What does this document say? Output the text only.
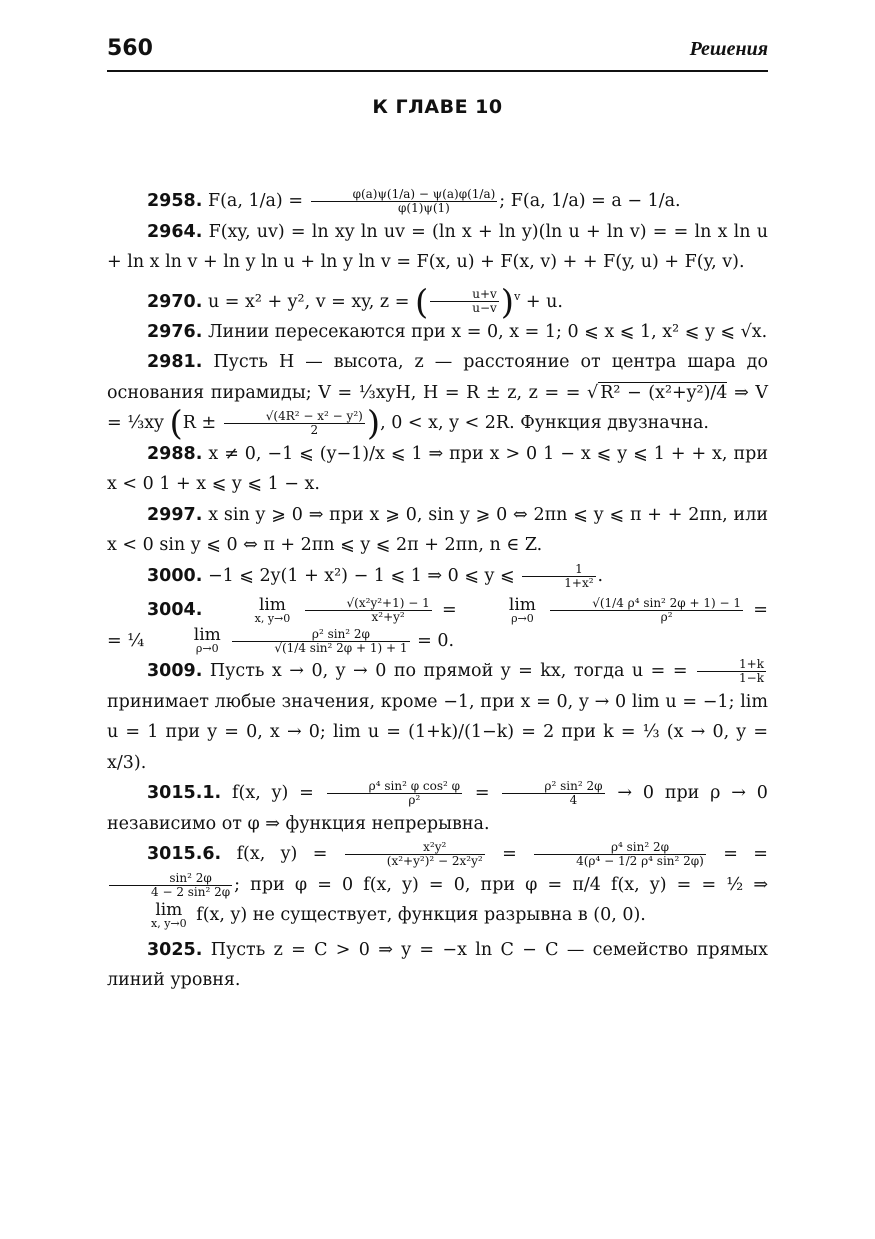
560	Решения
К ГЛАВЕ 10

2958. F(a, $1/a) = \frac{\varphi(a)\psi(1/a) - \psi(a)\varphi(1/a)}{\varphi(1)\psi(1)}$ ; F(a, 1/a) = a − 1/a.

2964. F(xy, uv) = ln xy ln uv = (ln x + ln y)(ln u + ln v) = = ln x ln u + ln x ln v + ln y ln u + ln y ln v = F(x, u) + F(x, v) + + F(y, u) + F(y, v).

2970. u = x² + y², v = xy, z = ( $\frac{u+v}{u-v} )^v + u$.

2976. Линии пересекаются при x = 0, x = 1; 0 ⩽ x ⩽ 1, x² ⩽ y ⩽ √x.

2981. Пусть H — высота, z — расстояние от центра шара до основания пирамиды; V = ⅓xyH, H = R ± z, z = = √ R² − (x²+y²)/4 ⇒ V = ⅓xy ($R \pm \frac{\text{√(4R² − x² − y²)}}{2}$ ), 0 < x, y < 2R. Функция двузначна.

2988. x ≠ 0, −1 ⩽ (y−1)/x ⩽ 1 ⇒ при x > 0 1 − x ⩽ y ⩽ 1 + + x, при x < 0 1 + x ⩽ y ⩽ 1 − x.

2997. x sin y ⩾ 0 ⇒ при x ⩾ 0, sin y ⩾ 0 ⇔ 2πn ⩽ y ⩽ π + + 2πn, или x < 0 sin y ⩽ 0 ⇔ π + 2πn ⩽ y ⩽ 2π + 2πn, n ∈ Z.

3000. −1 ⩽ 2y(1 + x²) − 1 ⩽ 1 ⇒ 0 ⩽ y ⩽ $\frac{1}{\text{1+x²}}$ .

3004.	lim
x, y→0
$\frac{\text{√(x²y²+1) − 1}}{\text{x²+y²}}$ =	lim
ρ→0
$\frac{\text{√(1/4 ρ⁴ sin² 2φ + 1) − 1}}{\text{ρ²}}$ = = ¼	lim
ρ→0
$\frac{\text{ρ² sin² 2φ}}{\text{√(1/4 sin² 2φ + 1) + 1}} = 0$.

3009. Пусть x → 0, y → 0 по прямой y = kx, тогда u = = $\frac{1+k}{1-k}$
принимает любые значения, кроме −1, при x = 0, y → 0 lim u = −1; lim u = 1 при y = 0, x → 0; lim u = (1+k)/(1−k) = 2 при k = ⅓ (x → 0, y = x/3).

3015.1. f(x, $y) = \frac{\text{ρ⁴ sin² φ cos² φ}}{\text{ρ²}} = \frac{\text{ρ² sin² 2φ}}{4} \to 0$ при ρ → 0 независимо от φ ⇒ функция непрерывна.

3015.6. f(x, $y) = \frac{\text{x²y²}}{\text{(x²+y²)² − 2x²y²}} = \frac{\text{ρ⁴ sin² 2φ}}{\text{4(ρ⁴ − 1/2 ρ⁴ sin² 2φ)}}$ = =
$\frac{\text{sin² 2φ}}{\text{4 − 2 sin² 2φ}}$ ; при φ = 0 f(x, y) = 0, при φ = π/4 f(x, y) = = ½ ⇒ lim
x, y→0 f(x, y) не существует, функция разрывна в (0, 0).

3025. Пусть z = C > 0 ⇒ y = −x ln C − C — семейство прямых линий уровня.
